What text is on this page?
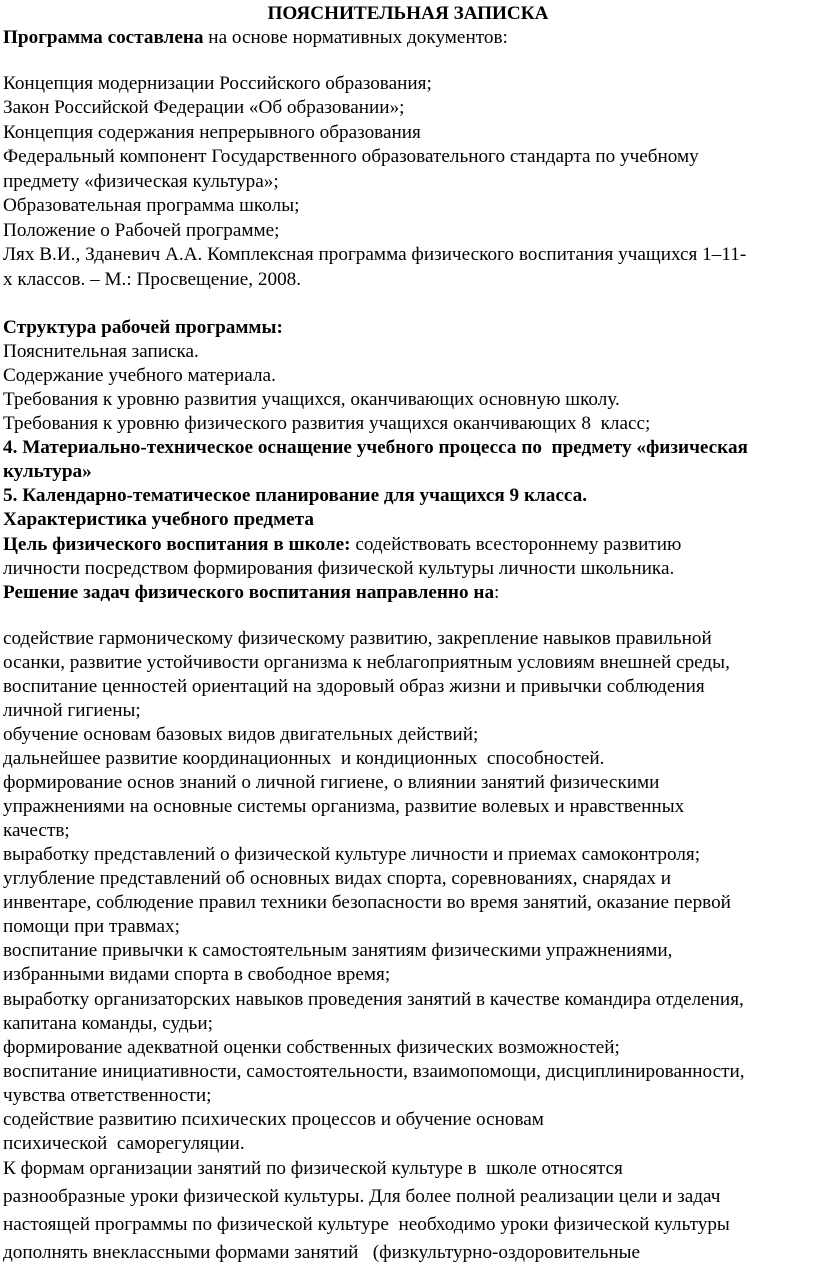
ПОЯСНИТЕЛЬНАЯ ЗАПИСКА
Программа составлена на основе нормативных документов:
Концепция модернизации Российского образования;
Закон Российской Федерации «Об образовании»;
Концепция содержания непрерывного образования
Федеральный компонент Государственного образовательного стандарта по учебному
предмету «физическая культура»;
Образовательная программа школы;
Положение о Рабочей программе;
Лях В.И., Зданевич А.А. Комплексная программа физического воспитания учащихся 1–11-
х классов. – М.: Просвещение, 2008.
Структура рабочей программы:
Пояснительная записка.
Содержание учебного материала.
Требования к уровню развития учащихся, оканчивающих основную школу.
Требования к уровню физического развития учащихся оканчивающих 8  класс;
4. Материально-техническое оснащение учебного процесса по  предмету «физическая
культура»
5. Календарно-тематическое планирование для учащихся 9 класса.
Характеристика учебного предмета
Цель физического воспитания в школе: содействовать всестороннему развитию
личности посредством формирования физической культуры личности школьника.
Решение задач физического воспитания направленно на:
содействие гармоническому физическому развитию, закрепление навыков правильной
осанки, развитие устойчивости организма к неблагоприятным условиям внешней среды,
воспитание ценностей ориентаций на здоровый образ жизни и привычки соблюдения
личной гигиены;
обучение основам базовых видов двигательных действий;
дальнейшее развитие координационных  и кондиционных  способностей.
формирование основ знаний о личной гигиене, о влиянии занятий физическими
упражнениями на основные системы организма, развитие волевых и нравственных
качеств;
выработку представлений о физической культуре личности и приемах самоконтроля;
углубление представлений об основных видах спорта, соревнованиях, снарядах и
инвентаре, соблюдение правил техники безопасности во время занятий, оказание первой
помощи при травмах;
воспитание привычки к самостоятельным занятиям физическими упражнениями,
избранными видами спорта в свободное время;
выработку организаторских навыков проведения занятий в качестве командира отделения,
капитана команды, судьи;
формирование адекватной оценки собственных физических возможностей;
воспитание инициативности, самостоятельности, взаимопомощи, дисциплинированности,
чувства ответственности;
содействие развитию психических процессов и обучение основам
психической  саморегуляции.
К формам организации занятий по физической культуре в  школе относятся
разнообразные уроки физической культуры. Для более полной реализации цели и задач
настоящей программы по физической культуре  необходимо уроки физической культуры
дополнять внеклассными формами занятий   (физкультурно-оздоровительные
